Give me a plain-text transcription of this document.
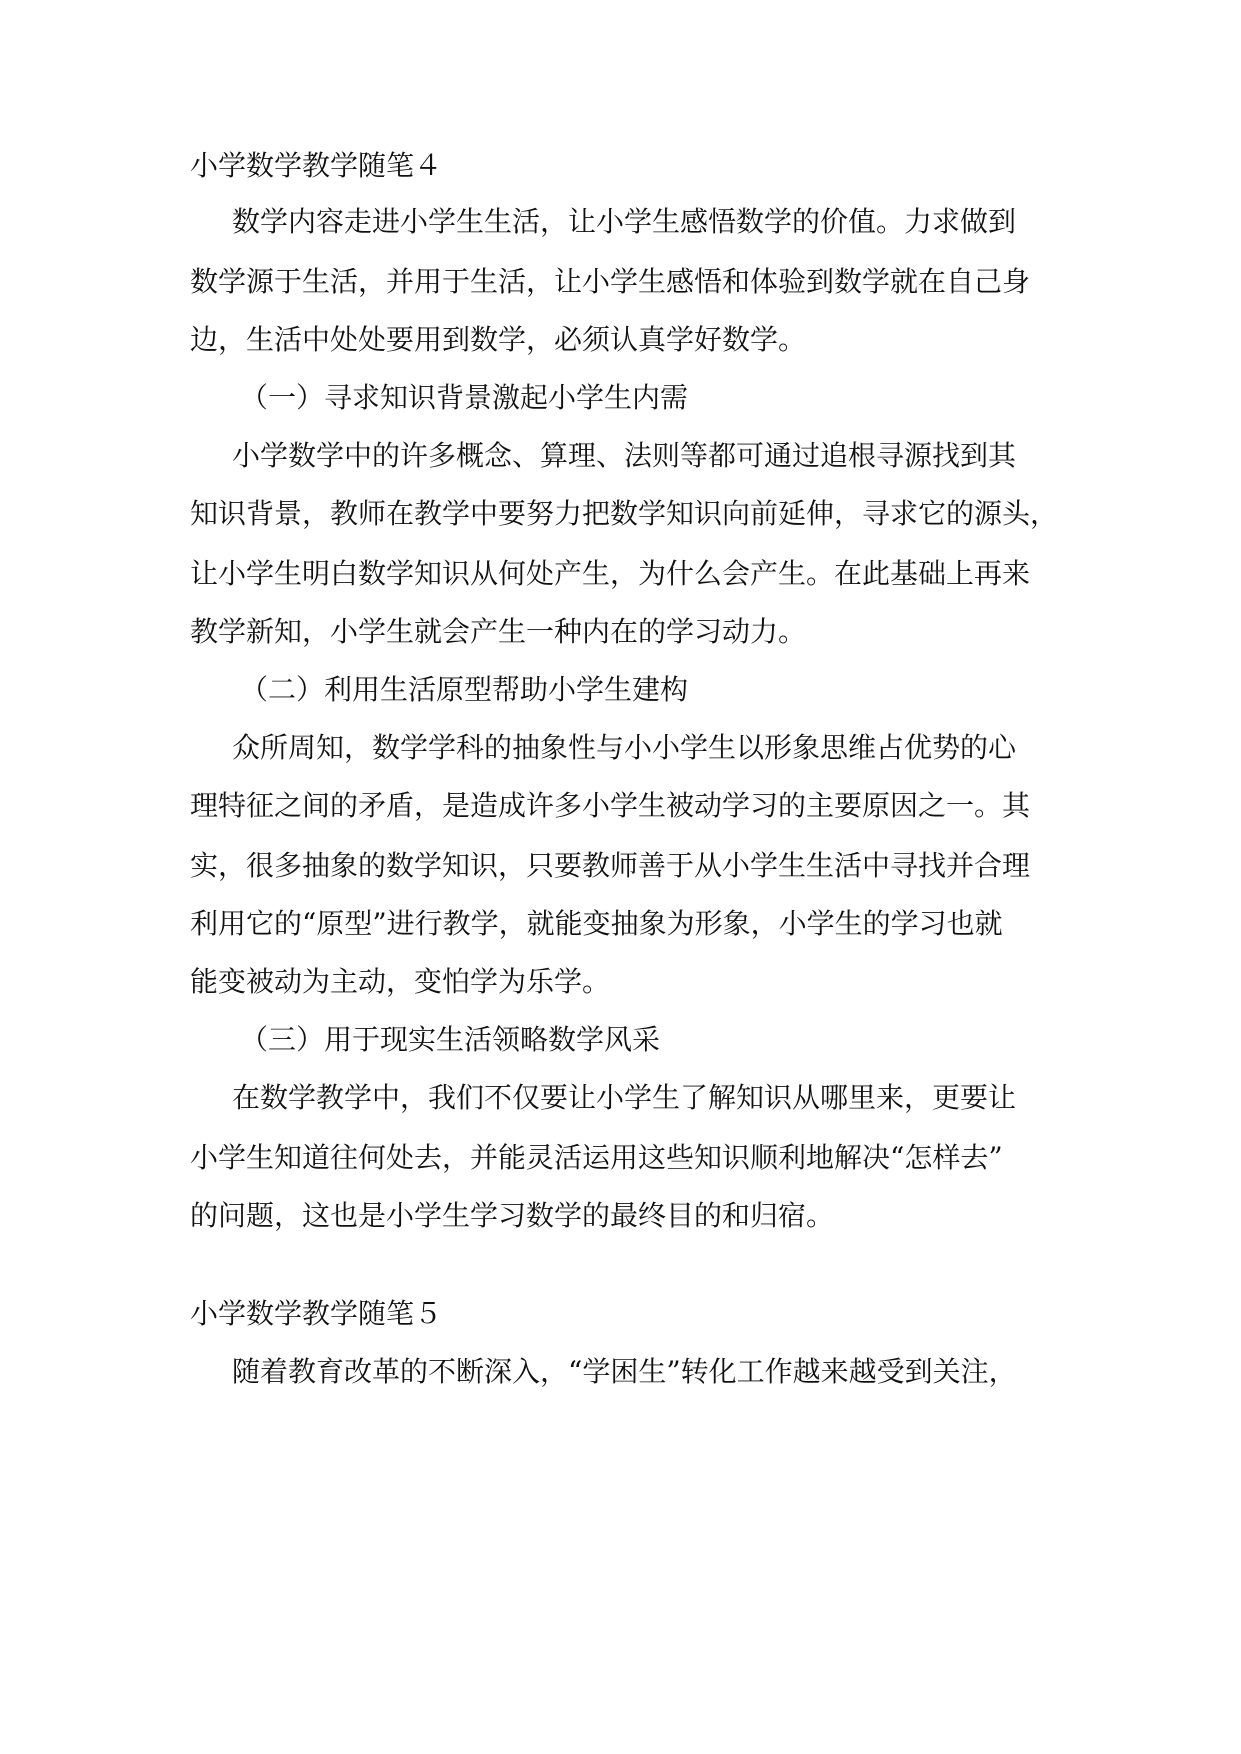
小学数学教学随笔４

数学内容走进小学生生活，让小学生感悟数学的价值。力求做到

数学源于生活，并用于生活，让小学生感悟和体验到数学就在自己身

边，生活中处处要用到数学，必须认真学好数学。

（一）寻求知识背景激起小学生内需

小学数学中的许多概念、算理、法则等都可通过追根寻源找到其

知识背景，教师在教学中要努力把数学知识向前延伸，寻求它的源头，

让小学生明白数学知识从何处产生，为什么会产生。在此基础上再来

教学新知，小学生就会产生一种内在的学习动力。

（二）利用生活原型帮助小学生建构

众所周知，数学学科的抽象性与小小学生以形象思维占优势的心

理特征之间的矛盾，是造成许多小学生被动学习的主要原因之一。其

实，很多抽象的数学知识，只要教师善于从小学生生活中寻找并合理

利用它的“原型”进行教学，就能变抽象为形象，小学生的学习也就

能变被动为主动，变怕学为乐学。

（三）用于现实生活领略数学风采

在数学教学中，我们不仅要让小学生了解知识从哪里来，更要让

小学生知道往何处去，并能灵活运用这些知识顺利地解决“怎样去”

的问题，这也是小学生学习数学的最终目的和归宿。

小学数学教学随笔５

随着教育改革的不断深入，“学困生”转化工作越来越受到关注，
